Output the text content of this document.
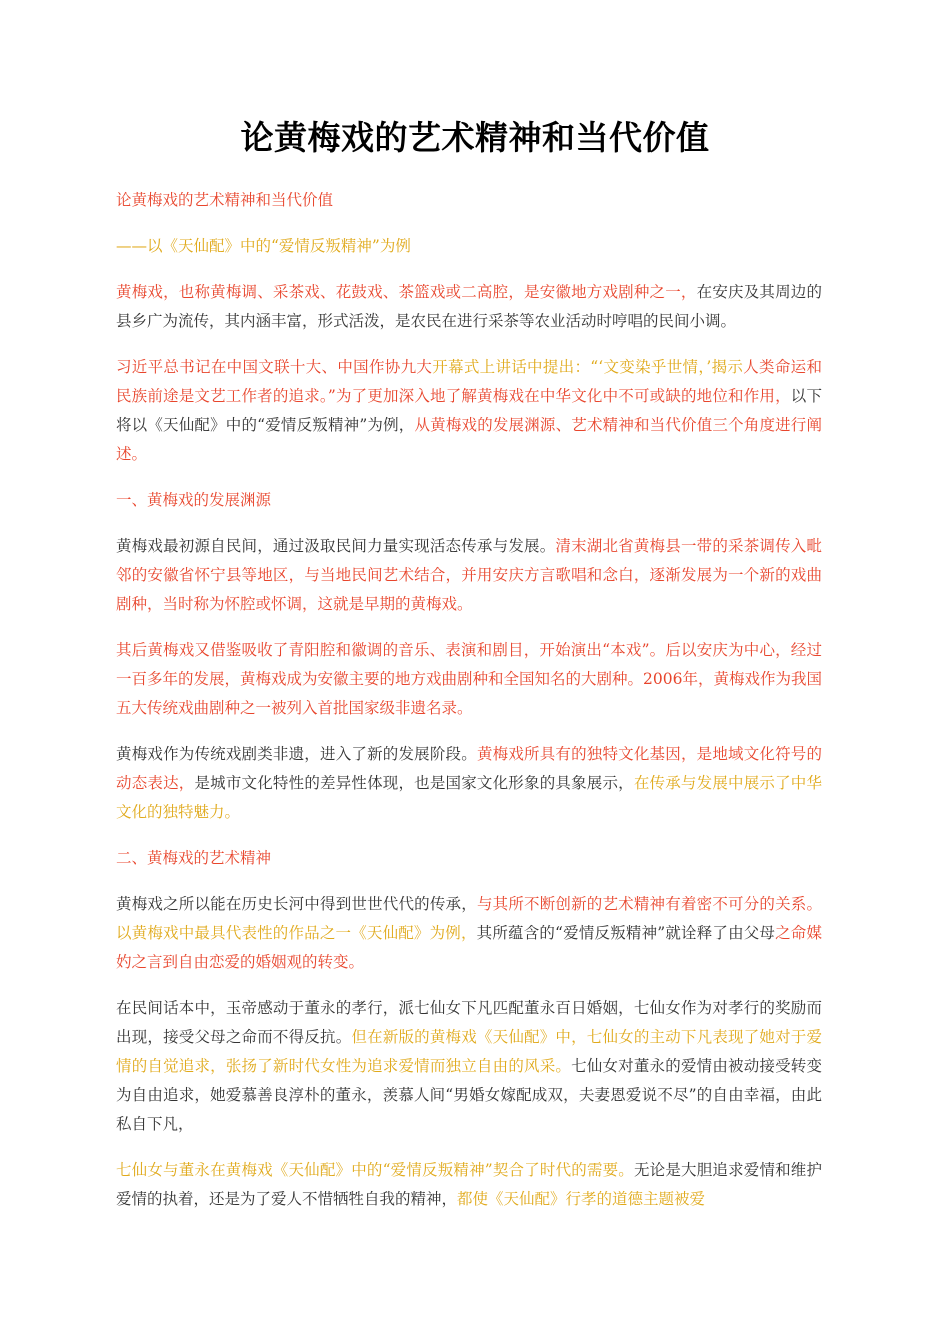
论黄梅戏的艺术精神和当代价值

论黄梅戏的艺术精神和当代价值

——以《天仙配》中的“爱情反叛精神”为例

黄梅戏，也称黄梅调、采茶戏、花鼓戏、茶篮戏或二高腔，是安徽地方戏剧种之一，在安庆及其周边的县乡广为流传，其内涵丰富，形式活泼，是农民在进行采茶等农业活动时哼唱的民间小调。

习近平总书记在中国文联十大、中国作协九大开幕式上讲话中提出：“‘文变染乎世情，’揭示人类命运和民族前途是文艺工作者的追求。”为了更加深入地了解黄梅戏在中华文化中不可或缺的地位和作用，以下将以《天仙配》中的“爱情反叛精神”为例，从黄梅戏的发展渊源、艺术精神和当代价值三个角度进行阐述。

一、黄梅戏的发展渊源

黄梅戏最初源自民间，通过汲取民间力量实现活态传承与发展。清末湖北省黄梅县一带的采茶调传入毗邻的安徽省怀宁县等地区，与当地民间艺术结合，并用安庆方言歌唱和念白，逐渐发展为一个新的戏曲剧种，当时称为怀腔或怀调，这就是早期的黄梅戏。

其后黄梅戏又借鉴吸收了青阳腔和徽调的音乐、表演和剧目，开始演出“本戏”。后以安庆为中心，经过一百多年的发展，黄梅戏成为安徽主要的地方戏曲剧种和全国知名的大剧种。2006年，黄梅戏作为我国五大传统戏曲剧种之一被列入首批国家级非遗名录。

黄梅戏作为传统戏剧类非遗，进入了新的发展阶段。黄梅戏所具有的独特文化基因，是地域文化符号的动态表达，是城市文化特性的差异性体现，也是国家文化形象的具象展示，在传承与发展中展示了中华文化的独特魅力。

二、黄梅戏的艺术精神

黄梅戏之所以能在历史长河中得到世世代代的传承，与其所不断创新的艺术精神有着密不可分的关系。以黄梅戏中最具代表性的作品之一《天仙配》为例，其所蕴含的“爱情反叛精神”就诠释了由父母之命媒妁之言到自由恋爱的婚姻观的转变。

在民间话本中，玉帝感动于董永的孝行，派七仙女下凡匹配董永百日婚姻，七仙女作为对孝行的奖励而出现，接受父母之命而不得反抗。但在新版的黄梅戏《天仙配》中，七仙女的主动下凡表现了她对于爱情的自觉追求，张扬了新时代女性为追求爱情而独立自由的风采。七仙女对董永的爱情由被动接受转变为自由追求，她爱慕善良淳朴的董永，羡慕人间“男婚女嫁配成双，夫妻恩爱说不尽”的自由幸福，由此私自下凡，

七仙女与董永在黄梅戏《天仙配》中的“爱情反叛精神”契合了时代的需要。无论是大胆追求爱情和维护爱情的执着，还是为了爱人不惜牺牲自我的精神，都使《天仙配》行孝的道德主题被爱
